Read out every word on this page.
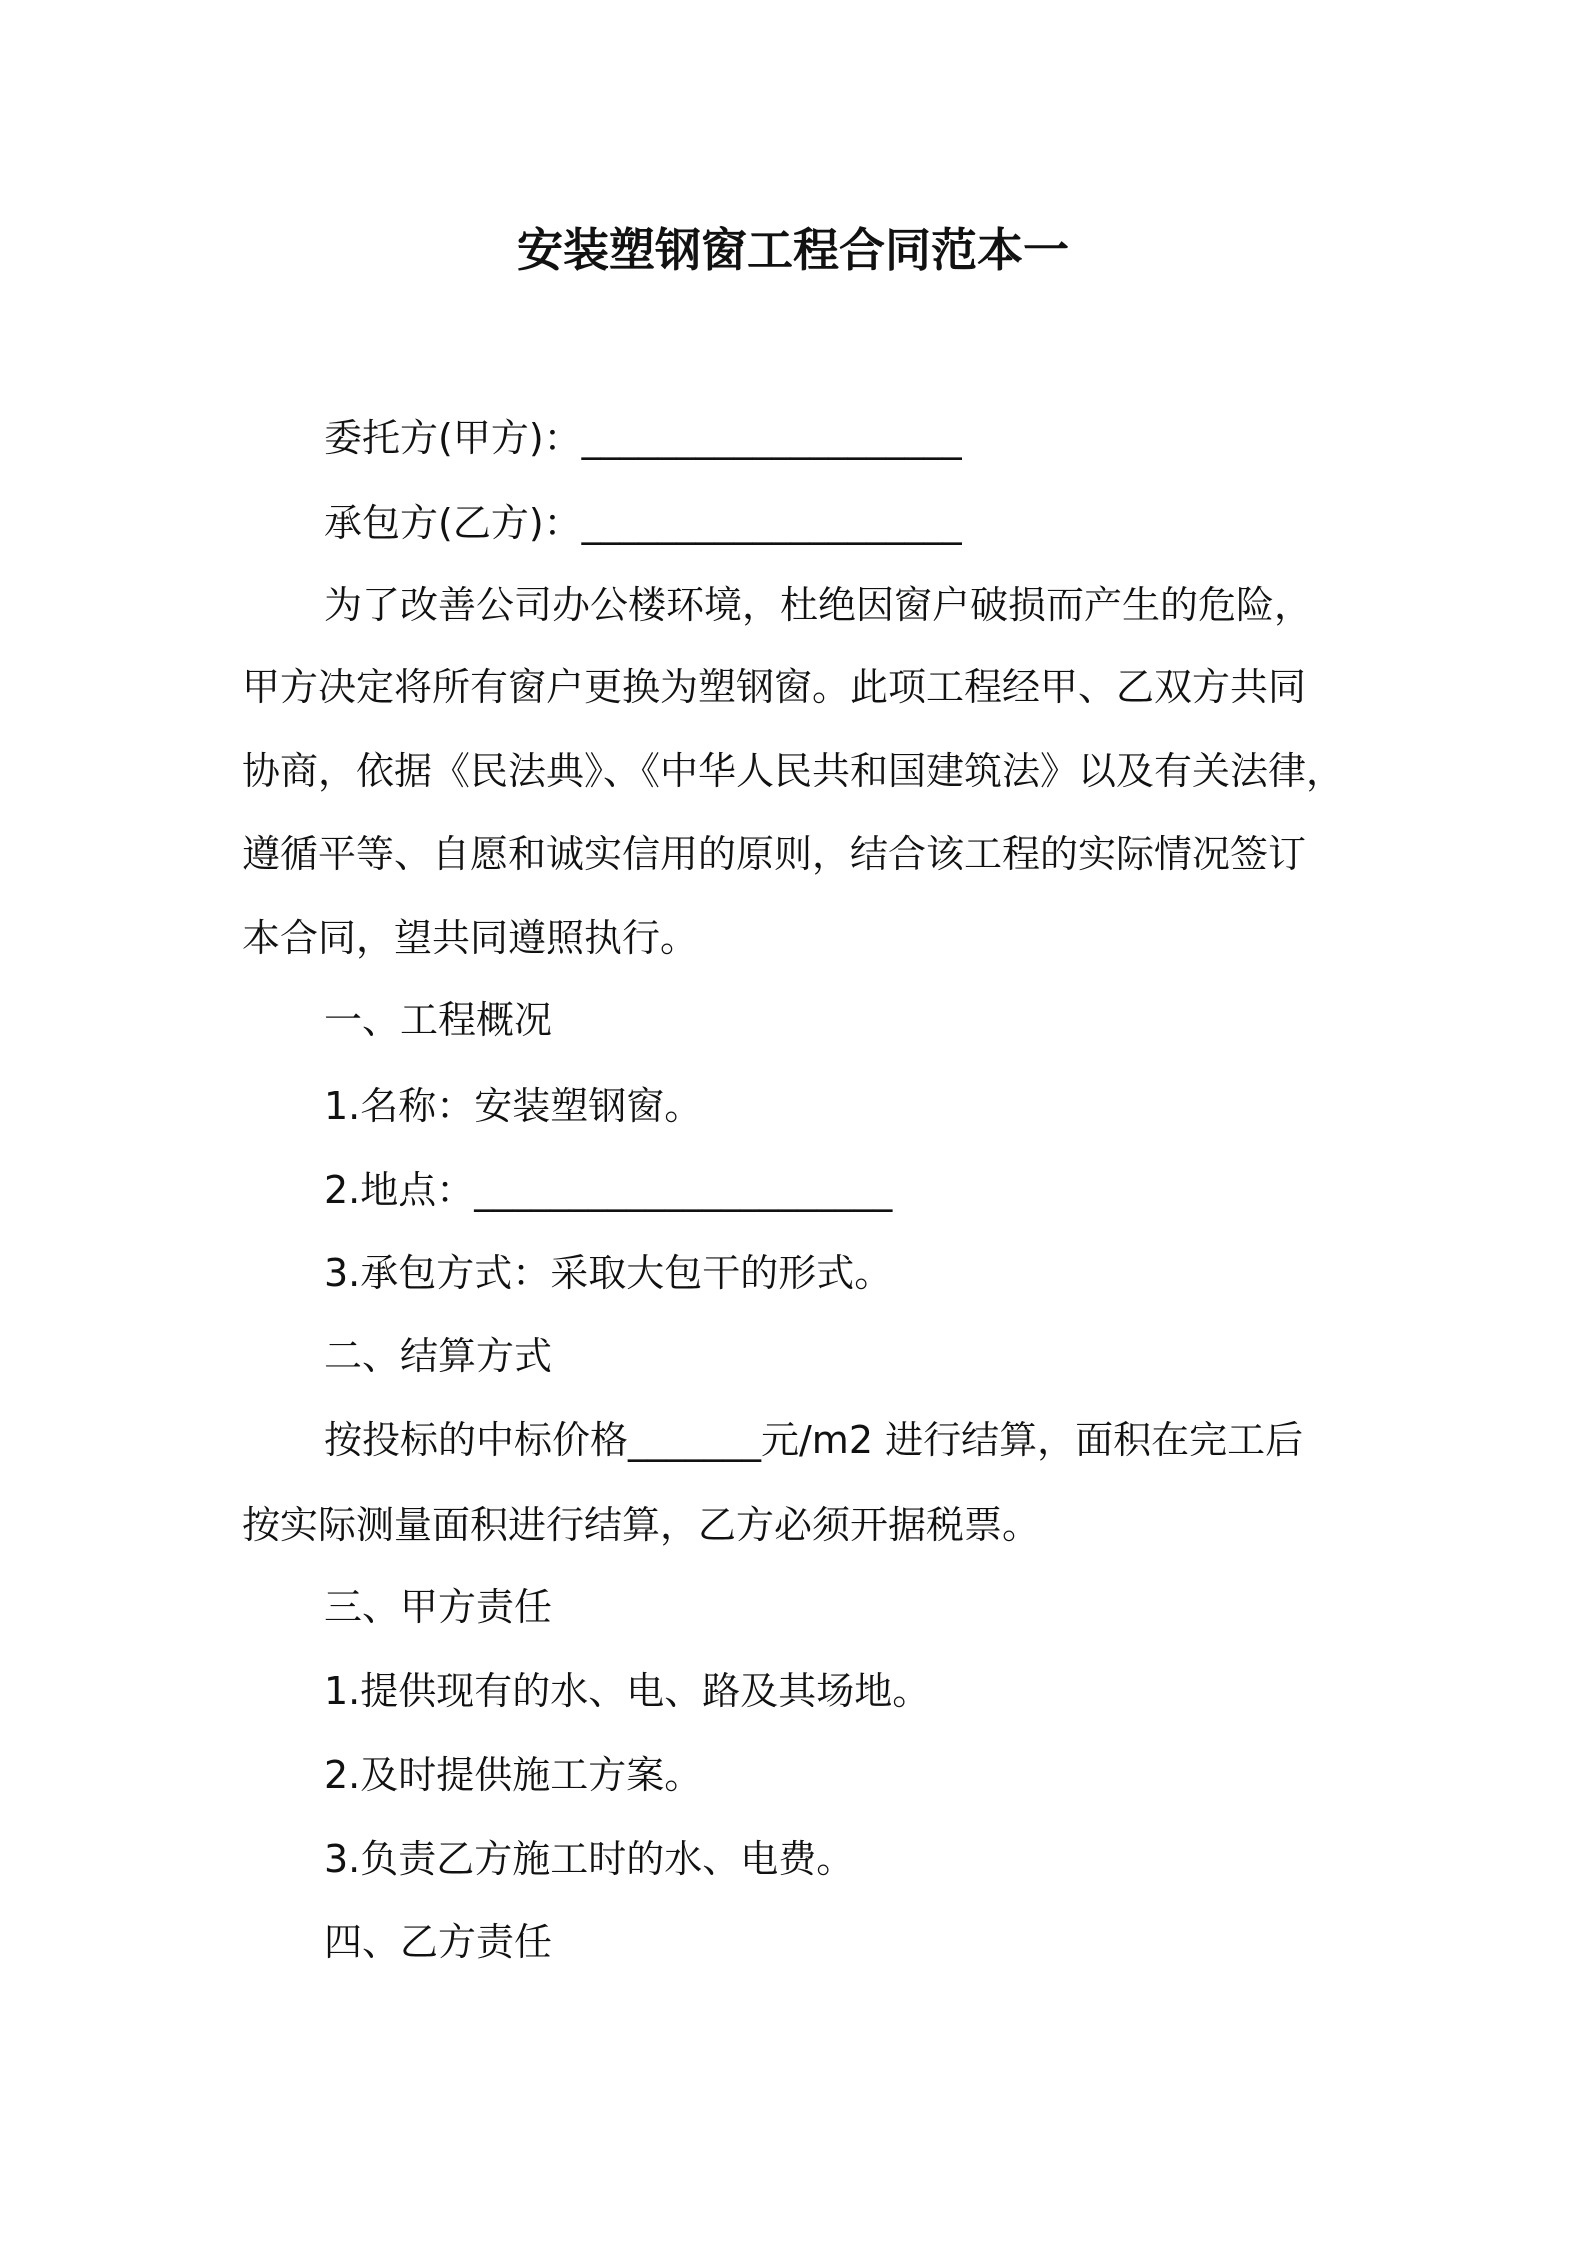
安装塑钢窗工程合同范本一
委托方(甲方)：____________________
承包方(乙方)：____________________
为了改善公司办公楼环境，杜绝因窗户破损而产生的危险，
甲方决定将所有窗户更换为塑钢窗。此项工程经甲、乙双方共同
协商，依据《民法典》、《中华人民共和国建筑法》以及有关法律，
遵循平等、自愿和诚实信用的原则，结合该工程的实际情况签订
本合同，望共同遵照执行。
一、工程概况
1.名称：安装塑钢窗。
2.地点：______________________
3.承包方式：采取大包干的形式。
二、结算方式
按投标的中标价格_______元/m2 进行结算，面积在完工后
按实际测量面积进行结算，乙方必须开据税票。
三、甲方责任
1.提供现有的水、电、路及其场地。
2.及时提供施工方案。
3.负责乙方施工时的水、电费。
四、乙方责任
